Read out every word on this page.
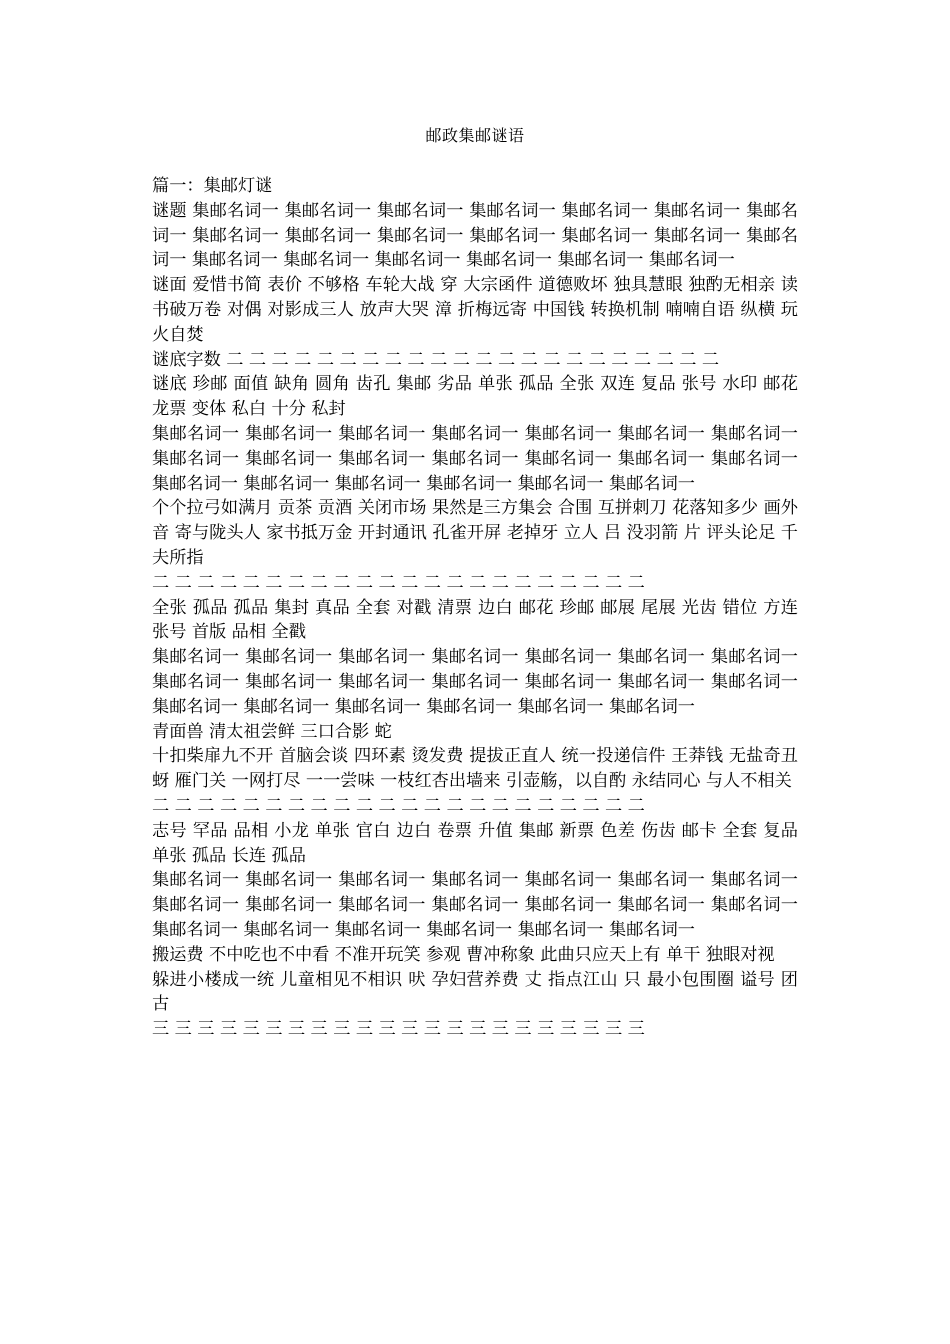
邮政集邮谜语

篇一：集邮灯谜

谜题 集邮名词一 集邮名词一 集邮名词一 集邮名词一 集邮名词一 集邮名词一 集邮名词一 集邮名词一 集邮名词一 集邮名词一 集邮名词一 集邮名词一 集邮名词一 集邮名词一 集邮名词一 集邮名词一 集邮名词一 集邮名词一 集邮名词一 集邮名词一

谜面 爱惜书简 表价 不够格 车轮大战 穿 大宗函件 道德败坏 独具慧眼 独酌无相亲 读书破万卷 对偶 对影成三人 放声大哭 漳 折梅远寄 中国钱 转换机制 喃喃自语 纵横 玩火自焚

谜底字数 二 二 二 二 二 二 二 二 二 二 二 二 二 二 二 二 二 二 二 二 二 二

谜底 珍邮 面值 缺角 圆角 齿孔 集邮 劣品 单张 孤品 全张 双连 复品 张号 水印 邮花 龙票 变体 私白 十分 私封

集邮名词一 集邮名词一 集邮名词一 集邮名词一 集邮名词一 集邮名词一 集邮名词一 集邮名词一 集邮名词一 集邮名词一 集邮名词一 集邮名词一 集邮名词一 集邮名词一 集邮名词一 集邮名词一 集邮名词一 集邮名词一 集邮名词一 集邮名词一

个个拉弓如满月 贡茶 贡酒 关闭市场 果然是三方集会 合围 互拼刺刀 花落知多少 画外音 寄与陇头人 家书抵万金 开封通讯 孔雀开屏 老掉牙 立人 吕 没羽箭 片 评头论足 千夫所指

二 二 二 二 二 二 二 二 二 二 二 二 二 二 二 二 二 二 二 二 二 二

全张 孤品 孤品 集封 真品 全套 对戳 清票 边白 邮花 珍邮 邮展 尾展 光齿 错位 方连 张号 首版 品相 全戳

集邮名词一 集邮名词一 集邮名词一 集邮名词一 集邮名词一 集邮名词一 集邮名词一 集邮名词一 集邮名词一 集邮名词一 集邮名词一 集邮名词一 集邮名词一 集邮名词一 集邮名词一 集邮名词一 集邮名词一 集邮名词一 集邮名词一 集邮名词一

青面兽 清太祖尝鲜 三口合影 蛇

十扣柴扉九不开 首脑会谈 四环素 烫发费 提拔正直人 统一投递信件 王莽钱 无盐奇丑 蚜 雁门关 一网打尽 一一尝味 一枝红杏出墙来 引壶觞，以自酌 永结同心 与人不相关

二 二 二 二 二 二 二 二 二 二 二 二 二 二 二 二 二 二 二 二 二 二

志号 罕品 品相 小龙 单张 官白 边白 卷票 升值 集邮 新票 色差 伤齿 邮卡 全套 复品 单张 孤品 长连 孤品

集邮名词一 集邮名词一 集邮名词一 集邮名词一 集邮名词一 集邮名词一 集邮名词一 集邮名词一 集邮名词一 集邮名词一 集邮名词一 集邮名词一 集邮名词一 集邮名词一 集邮名词一 集邮名词一 集邮名词一 集邮名词一 集邮名词一 集邮名词一

搬运费 不中吃也不中看 不准开玩笑 参观 曹冲称象 此曲只应天上有 单干 独眼对视

躲进小楼成一统 儿童相见不相识 吠 孕妇营养费 丈 指点江山 只 最小包围圈 谥号 团 古

三 三 三 三 三 三 三 三 三 三 三 三 三 三 三 三 三 三 三 三 三 三
